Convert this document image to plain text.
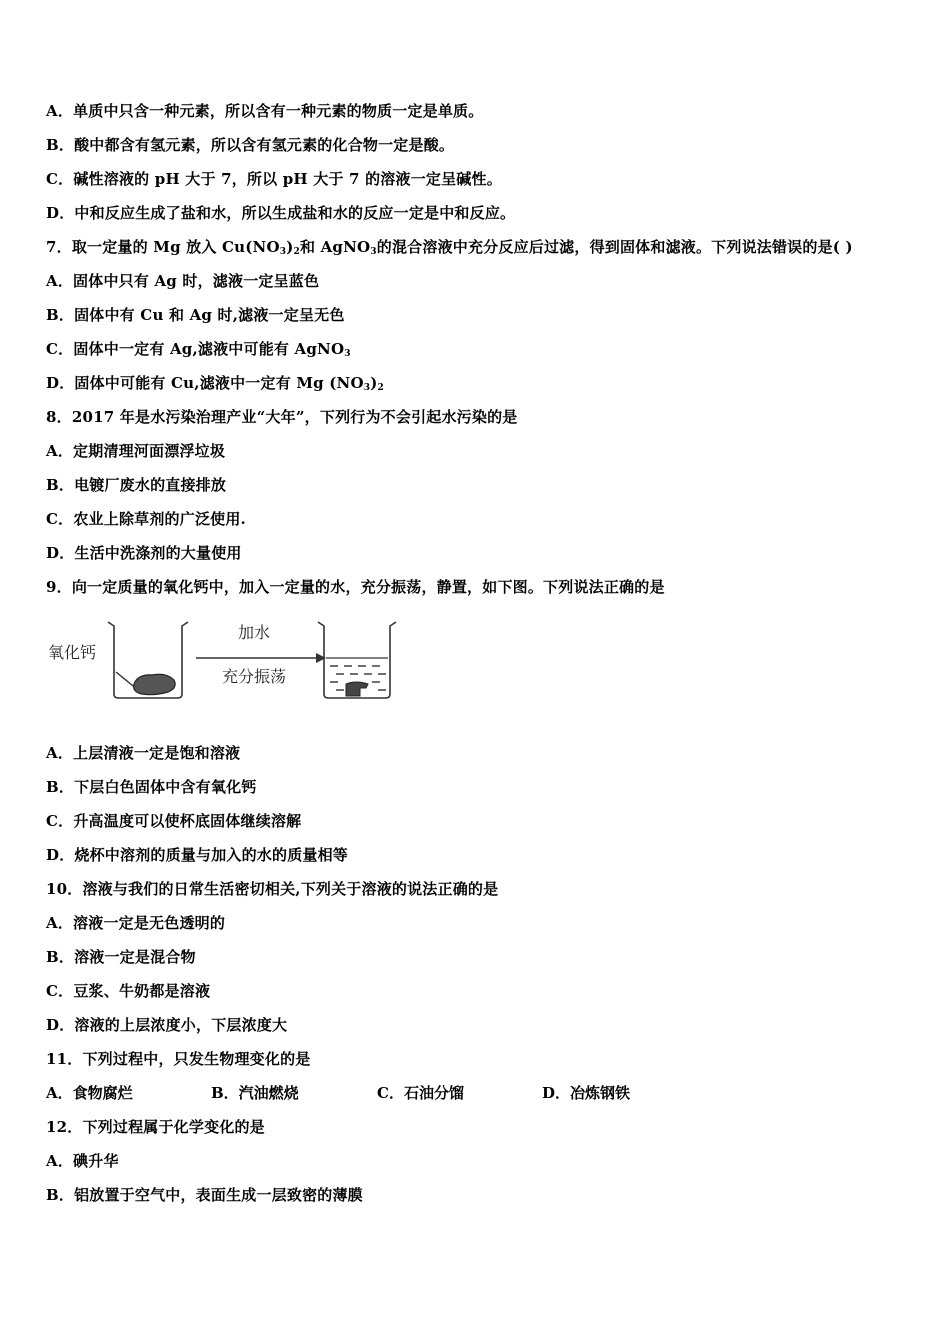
A．单质中只含一种元素，所以含有一种元素的物质一定是单质。
B．酸中都含有氢元素，所以含有氢元素的化合物一定是酸。
C．碱性溶液的 pH 大于 7，所以 pH 大于 7 的溶液一定呈碱性。
D．中和反应生成了盐和水，所以生成盐和水的反应一定是中和反应。
7．取一定量的 Mg 放入 $Cu(NO_3)_2$和 AgNO$_3$的混合溶液中充分反应后过滤，得到固体和滤液。下列说法错误的是( )
A．固体中只有 Ag 时，滤液一定呈蓝色
B．固体中有 Cu 和 Ag 时,滤液一定呈无色
C．固体中一定有 Ag,滤液中可能有 AgNO$_3$
D．固体中可能有 Cu,滤液中一定有 Mg $(NO_3)_2$
8．2017 年是水污染治理产业“大年”，下列行为不会引起水污染的是
A．定期清理河面漂浮垃圾
B．电镀厂废水的直接排放
C．农业上除草剂的广泛使用.
D．生活中洗涤剂的大量使用
9．向一定质量的氧化钙中，加入一定量的水，充分振荡，静置，如下图。下列说法正确的是
氧化钙
加水
充分振荡
A．上层清液一定是饱和溶液
B．下层白色固体中含有氧化钙
C．升高温度可以使杯底固体继续溶解
D．烧杯中溶剂的质量与加入的水的质量相等
10．溶液与我们的日常生活密切相关,下列关于溶液的说法正确的是
A．溶液一定是无色透明的
B．溶液一定是混合物
C．豆浆、牛奶都是溶液
D．溶液的上层浓度小，下层浓度大
11．下列过程中，只发生物理变化的是
A．食物腐烂	B．汽油燃烧	C．石油分馏	D．冶炼钢铁
12．下列过程属于化学变化的是
A．碘升华
B．铝放置于空气中，表面生成一层致密的薄膜
